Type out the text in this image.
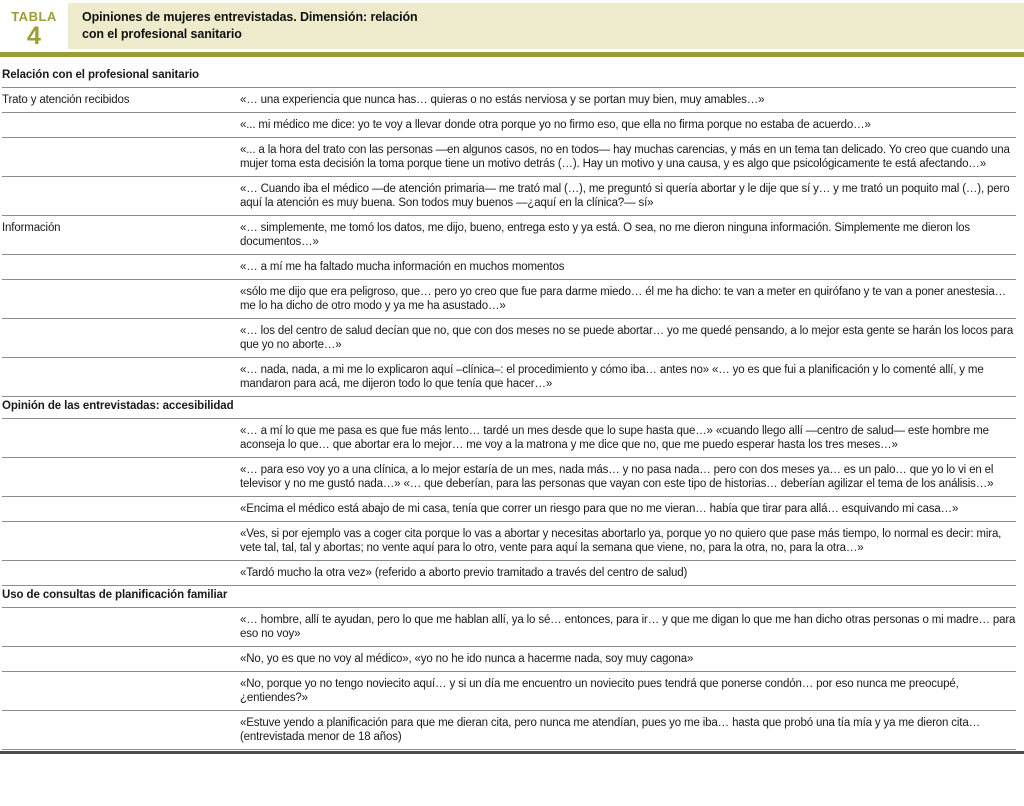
TABLA
4
Opiniones de mujeres entrevistadas. Dimensión: relación
con el profesional sanitario
Relación con el profesional sanitario
Trato y atención recibidos	«… una experiencia que nunca has… quieras o no estás nerviosa y se portan muy bien, muy amables…»
«... mi médico me dice: yo te voy a llevar donde otra porque yo no firmo eso, que ella no firma porque no estaba de acuerdo…»
«... a la hora del trato con las personas —en algunos casos, no en todos— hay muchas carencias, y más en un tema tan delicado. Yo creo que cuando una mujer toma esta decisión la toma porque tiene un motivo detrás (…). Hay un motivo y una causa, y es algo que psicológicamente te está afectando…»
«… Cuando iba el médico —de atención primaria— me trató mal (…), me preguntó si quería abortar y le dije que sí y… y me trató un poquito mal (…), pero aquí la atención es muy buena. Son todos muy buenos —¿aquí en la clínica?— sí»
Información	«… simplemente, me tomó los datos, me dijo, bueno, entrega esto y ya está. O sea, no me dieron ninguna información. Simplemente me dieron los documentos…»
«… a mí me ha faltado mucha información en muchos momentos
«sólo me dijo que era peligroso, que… pero yo creo que fue para darme miedo… él me ha dicho: te van a meter en quirófano y te van a poner anestesia… me lo ha dicho de otro modo y ya me ha asustado…»
«… los del centro de salud decían que no, que con dos meses no se puede abortar… yo me quedé pensando, a lo mejor esta gente se harán los locos para que yo no aborte…»
«… nada, nada, a mi me lo explicaron aquí –clínica–: el procedimiento y cómo iba… antes no» «… yo es que fui a planificación y lo comenté allí, y me mandaron para acá, me dijeron todo lo que tenía que hacer…»
Opinión de las entrevistadas: accesibilidad
«… a mí lo que me pasa es que fue más lento… tardé un mes desde que lo supe hasta que…» «cuando llego allí —centro de salud— este hombre me aconseja lo que… que abortar era lo mejor… me voy a la matrona y me dice que no, que me puedo esperar hasta los tres meses…»
«… para eso voy yo a una clínica, a lo mejor estaría de un mes, nada más… y no pasa nada… pero con dos meses ya… es un palo… que yo lo vi en el televisor y no me gustó nada…» «… que deberían, para las personas que vayan con este tipo de historias… deberían agilizar el tema de los análisis…»
«Encima el médico está abajo de mi casa, tenía que correr un riesgo para que no me vieran… había que tirar para allá… esquivando mi casa…»
«Ves, si por ejemplo vas a coger cita porque lo vas a abortar y necesitas abortarlo ya, porque yo no quiero que pase más tiempo, lo normal es decir: mira, vete tal, tal, tal y abortas; no vente aquí para lo otro, vente para aquí la semana que viene, no, para la otra, no, para la otra…»
«Tardó mucho la otra vez» (referido a aborto previo tramitado a través del centro de salud)
Uso de consultas de planificación familiar
«… hombre, allí te ayudan, pero lo que me hablan allí, ya lo sé… entonces, para ir… y que me digan lo que me han dicho otras personas o mi madre… para eso no voy»
«No, yo es que no voy al médico», «yo no he ido nunca a hacerme nada, soy muy cagona»
«No, porque yo no tengo noviecito aquí… y si un día me encuentro un noviecito pues tendrá que ponerse condón… por eso nunca me preocupé, ¿entiendes?»
«Estuve yendo a planificación para que me dieran cita, pero nunca me atendían, pues yo me iba… hasta que probó una tía mía y ya me dieron cita… (entrevistada menor de 18 años)
